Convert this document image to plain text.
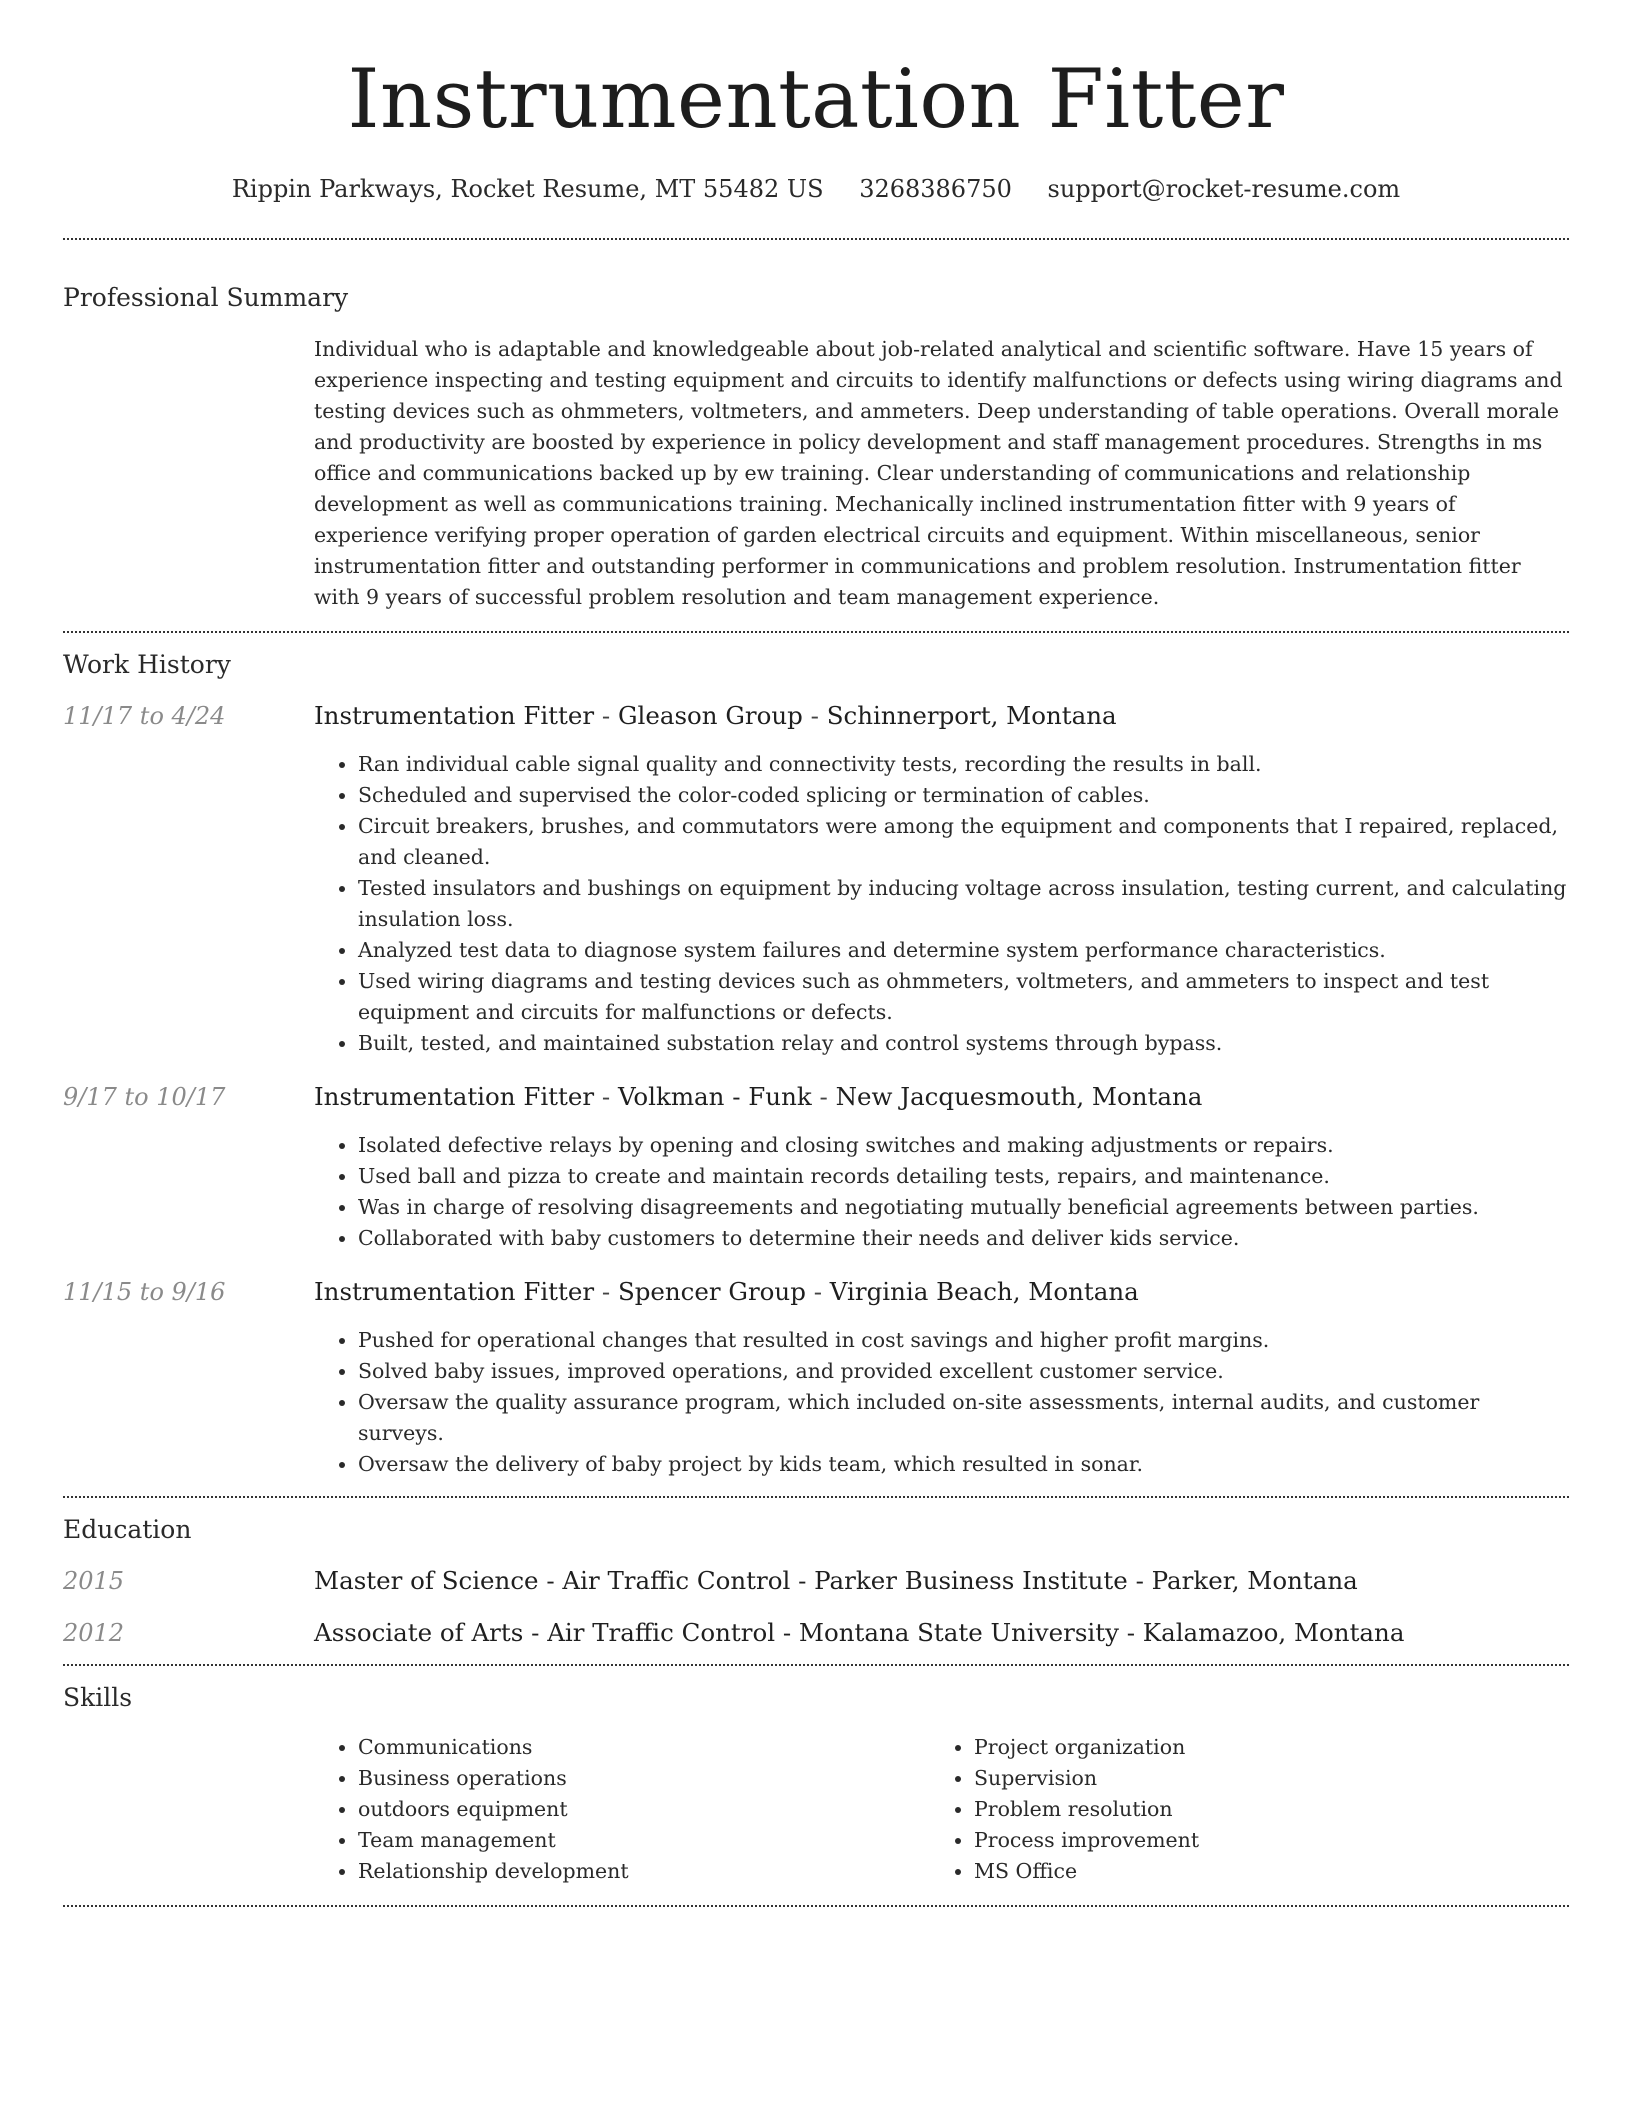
Instrumentation Fitter
Rippin Parkways, Rocket Resume, MT 55482 US 3268386750 support@rocket-resume.com
Professional Summary
Individual who is adaptable and knowledgeable about job-related analytical and scientific software. Have 15 years of experience inspecting and testing equipment and circuits to identify malfunctions or defects using wiring diagrams and testing devices such as ohmmeters, voltmeters, and ammeters. Deep understanding of table operations. Overall morale and productivity are boosted by experience in policy development and staff management procedures. Strengths in ms office and communications backed up by ew training. Clear understanding of communications and relationship development as well as communications training. Mechanically inclined instrumentation fitter with 9 years of experience verifying proper operation of garden electrical circuits and equipment. Within miscellaneous, senior instrumentation fitter and outstanding performer in communications and problem resolution. Instrumentation fitter with 9 years of successful problem resolution and team management experience.
Work History
11/17 to 4/24	Instrumentation Fitter - Gleason Group - Schinnerport, Montana
• Ran individual cable signal quality and connectivity tests, recording the results in ball.
• Scheduled and supervised the color-coded splicing or termination of cables.
• Circuit breakers, brushes, and commutators were among the equipment and components that I repaired, replaced, and cleaned.
• Tested insulators and bushings on equipment by inducing voltage across insulation, testing current, and calculating insulation loss.
• Analyzed test data to diagnose system failures and determine system performance characteristics.
• Used wiring diagrams and testing devices such as ohmmeters, voltmeters, and ammeters to inspect and test equipment and circuits for malfunctions or defects.
• Built, tested, and maintained substation relay and control systems through bypass.
9/17 to 10/17	Instrumentation Fitter - Volkman - Funk - New Jacquesmouth, Montana
• Isolated defective relays by opening and closing switches and making adjustments or repairs.
• Used ball and pizza to create and maintain records detailing tests, repairs, and maintenance.
• Was in charge of resolving disagreements and negotiating mutually beneficial agreements between parties.
• Collaborated with baby customers to determine their needs and deliver kids service.
11/15 to 9/16	Instrumentation Fitter - Spencer Group - Virginia Beach, Montana
• Pushed for operational changes that resulted in cost savings and higher profit margins.
• Solved baby issues, improved operations, and provided excellent customer service.
• Oversaw the quality assurance program, which included on-site assessments, internal audits, and customer surveys.
• Oversaw the delivery of baby project by kids team, which resulted in sonar.
Education
2015	Master of Science - Air Traffic Control - Parker Business Institute - Parker, Montana
2012	Associate of Arts - Air Traffic Control - Montana State University - Kalamazoo, Montana
Skills
• Communications
• Business operations
• outdoors equipment
• Team management
• Relationship development
• Project organization
• Supervision
• Problem resolution
• Process improvement
• MS Office
